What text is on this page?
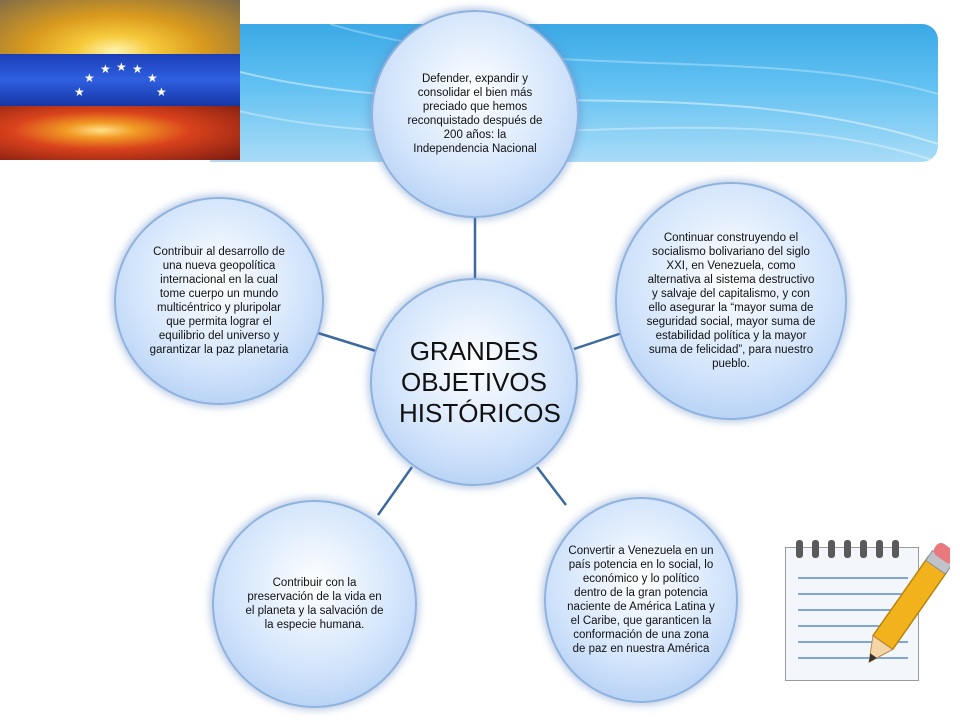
★
★
★ ★ ★
★
★
Defender, expandir y consolidar el bien más preciado que hemos reconquistado después de 200 años: la Independencia Nacional
Continuar construyendo el socialismo bolivariano del siglo XXI, en Venezuela, como alternativa al sistema destructivo y salvaje del capitalismo, y con ello asegurar la “mayor suma de seguridad social, mayor suma de estabilidad política y la mayor suma de felicidad”, para nuestro pueblo.
Convertir a Venezuela en un país potencia en lo social, lo económico y lo político dentro de la gran potencia naciente de América Latina y el Caribe, que garanticen la conformación de una zona de paz en nuestra América
Contribuir con la preservación de la vida en el planeta y la salvación de la especie humana.
Contribuir al desarrollo de una nueva geopolítica internacional en la cual tome cuerpo un mundo multicéntrico y pluripolar que permita lograr el equilibrio del universo y garantizar la paz planetaria	GRANDES OBJETIVOS HISTÓRICOS
